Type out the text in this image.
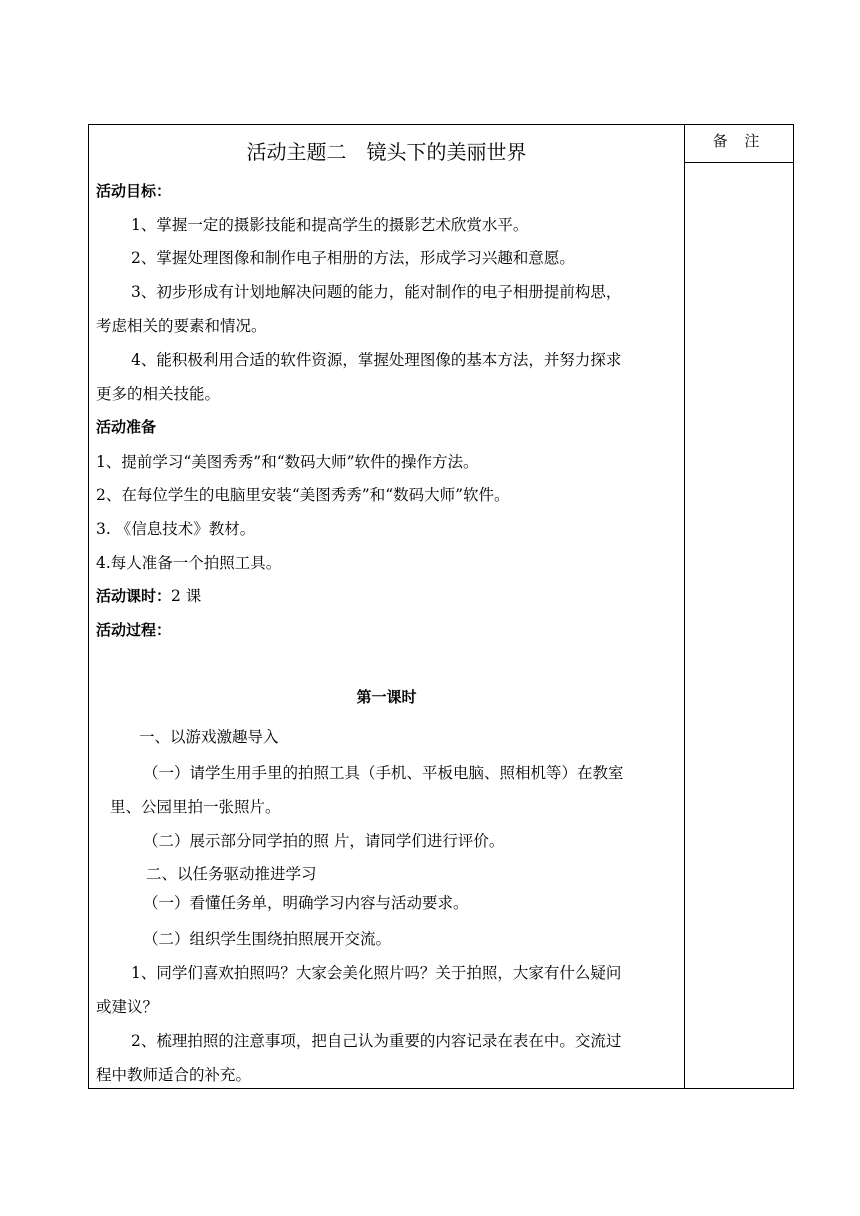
备 注
活动主题二　镜头下的美丽世界
活动目标：
1、掌握一定的摄影技能和提高学生的摄影艺术欣赏水平。
2、掌握处理图像和制作电子相册的方法，形成学习兴趣和意愿。
3、初步形成有计划地解决问题的能力，能对制作的电子相册提前构思，
考虑相关的要素和情况。
4、能积极利用合适的软件资源，掌握处理图像的基本方法，并努力探求
更多的相关技能。
活动准备
1、提前学习“美图秀秀”和“数码大师”软件的操作方法。
2、在每位学生的电脑里安装“美图秀秀”和“数码大师”软件。
3. 《信息技术》教材。
4.每人准备一个拍照工具。
活动课时：2 课
活动过程：
第一课时
一、以游戏激趣导入
（一）请学生用手里的拍照工具（手机、平板电脑、照相机等）在教室
里、公园里拍一张照片。
（二）展示部分同学拍的照 片，请同学们进行评价。
二、以任务驱动推进学习
（一）看懂任务单，明确学习内容与活动要求。
（二）组织学生围绕拍照展开交流。
1、同学们喜欢拍照吗？大家会美化照片吗？关于拍照，大家有什么疑问
或建议？
2、梳理拍照的注意事项，把自己认为重要的内容记录在表在中。交流过
程中教师适合的补充。
